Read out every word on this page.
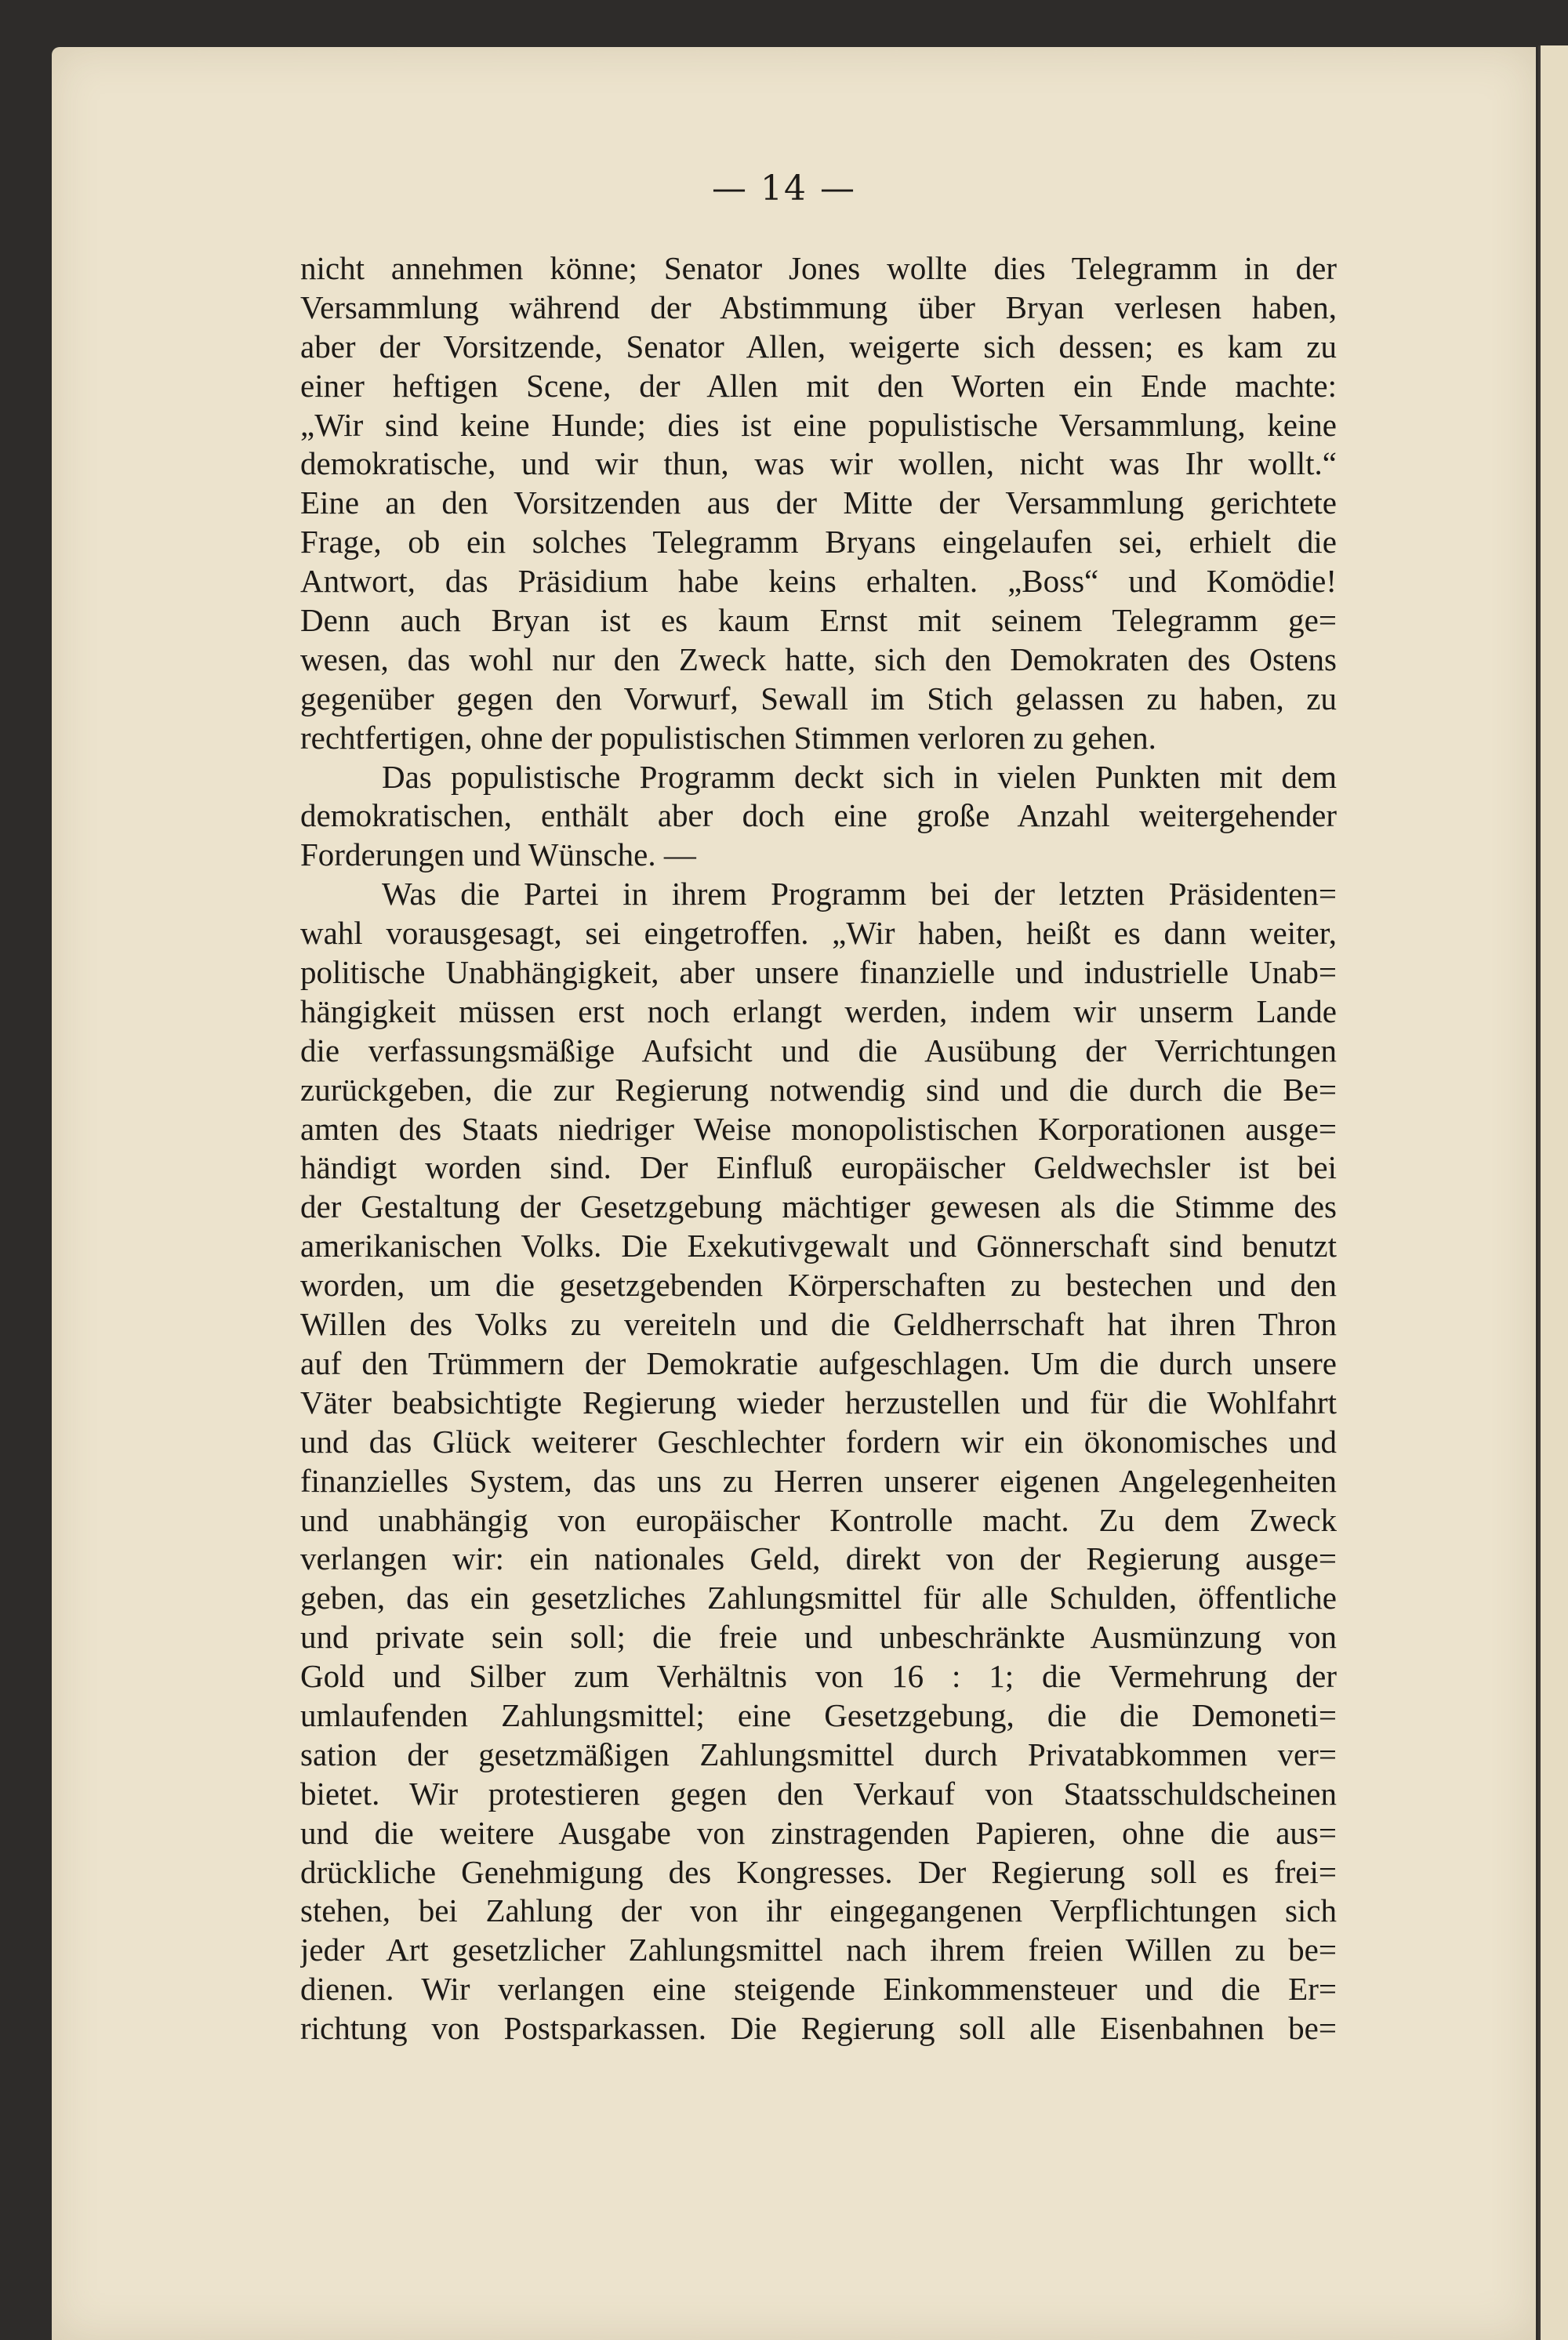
— 14 —
nicht annehmen könne; Senator Jones wollte dies Telegramm in der
Versammlung während der Abstimmung über Bryan verlesen haben,
aber der Vorsitzende, Senator Allen, weigerte sich dessen; es kam zu
einer heftigen Scene, der Allen mit den Worten ein Ende machte:
„Wir sind keine Hunde; dies ist eine populistische Versammlung, keine
demokratische, und wir thun, was wir wollen, nicht was Ihr wollt.“
Eine an den Vorsitzenden aus der Mitte der Versammlung gerichtete
Frage, ob ein solches Telegramm Bryans eingelaufen sei, erhielt die
Antwort, das Präsidium habe keins erhalten. „Boss“ und Komödie!
Denn auch Bryan ist es kaum Ernst mit seinem Telegramm ge=
wesen, das wohl nur den Zweck hatte, sich den Demokraten des Ostens
gegenüber gegen den Vorwurf, Sewall im Stich gelassen zu haben, zu
rechtfertigen, ohne der populistischen Stimmen verloren zu gehen.
Das populistische Programm deckt sich in vielen Punkten mit dem
demokratischen, enthält aber doch eine große Anzahl weitergehender
Forderungen und Wünsche. —
Was die Partei in ihrem Programm bei der letzten Präsidenten=
wahl vorausgesagt, sei eingetroffen. „Wir haben, heißt es dann weiter,
politische Unabhängigkeit, aber unsere finanzielle und industrielle Unab=
hängigkeit müssen erst noch erlangt werden, indem wir unserm Lande
die verfassungsmäßige Aufsicht und die Ausübung der Verrichtungen
zurückgeben, die zur Regierung notwendig sind und die durch die Be=
amten des Staats niedriger Weise monopolistischen Korporationen ausge=
händigt worden sind. Der Einfluß europäischer Geldwechsler ist bei
der Gestaltung der Gesetzgebung mächtiger gewesen als die Stimme des
amerikanischen Volks. Die Exekutivgewalt und Gönnerschaft sind benutzt
worden, um die gesetzgebenden Körperschaften zu bestechen und den
Willen des Volks zu vereiteln und die Geldherrschaft hat ihren Thron
auf den Trümmern der Demokratie aufgeschlagen. Um die durch unsere
Väter beabsichtigte Regierung wieder herzustellen und für die Wohlfahrt
und das Glück weiterer Geschlechter fordern wir ein ökonomisches und
finanzielles System, das uns zu Herren unserer eigenen Angelegenheiten
und unabhängig von europäischer Kontrolle macht. Zu dem Zweck
verlangen wir: ein nationales Geld, direkt von der Regierung ausge=
geben, das ein gesetzliches Zahlungsmittel für alle Schulden, öffentliche
und private sein soll; die freie und unbeschränkte Ausmünzung von
Gold und Silber zum Verhältnis von 16 : 1; die Vermehrung der
umlaufenden Zahlungsmittel; eine Gesetzgebung, die die Demoneti=
sation der gesetzmäßigen Zahlungsmittel durch Privatabkommen ver=
bietet. Wir protestieren gegen den Verkauf von Staatsschuldscheinen
und die weitere Ausgabe von zinstragenden Papieren, ohne die aus=
drückliche Genehmigung des Kongresses. Der Regierung soll es frei=
stehen, bei Zahlung der von ihr eingegangenen Verpflichtungen sich
jeder Art gesetzlicher Zahlungsmittel nach ihrem freien Willen zu be=
dienen. Wir verlangen eine steigende Einkommensteuer und die Er=
richtung von Postsparkassen. Die Regierung soll alle Eisenbahnen be=
